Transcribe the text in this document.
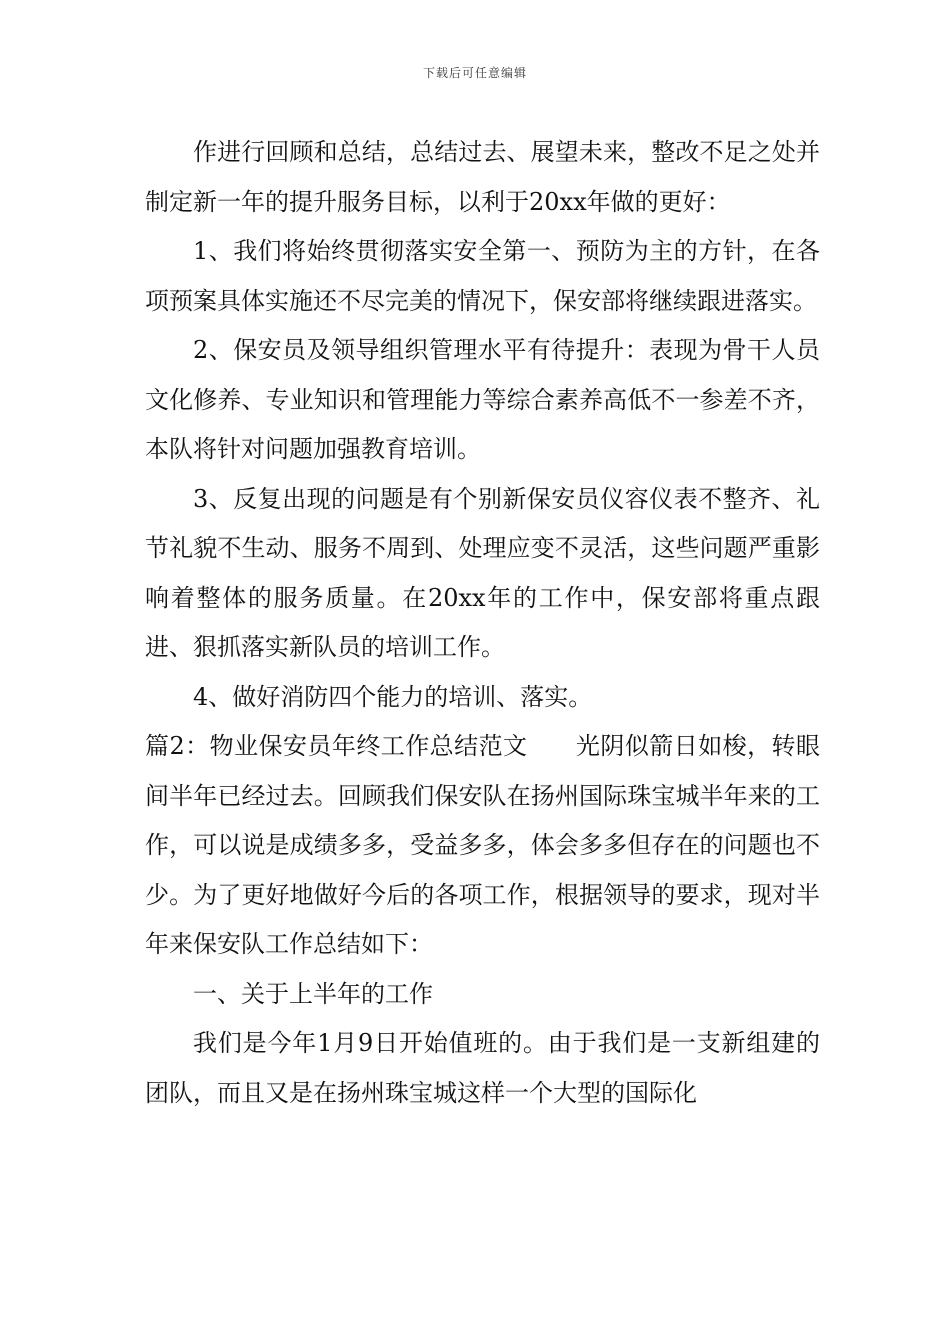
下载后可任意编辑

作进行回顾和总结，总结过去、展望未来，整改不足之处并制定新一年的提升服务目标，以利于20xx年做的更好：

1、我们将始终贯彻落实安全第一、预防为主的方针，在各项预案具体实施还不尽完美的情况下，保安部将继续跟进落实。

2、保安员及领导组织管理水平有待提升：表现为骨干人员文化修养、专业知识和管理能力等综合素养高低不一参差不齐，本队将针对问题加强教育培训。

3、反复出现的问题是有个别新保安员仪容仪表不整齐、礼节礼貌不生动、服务不周到、处理应变不灵活，这些问题严重影响着整体的服务质量。在20xx年的工作中，保安部将重点跟进、狠抓落实新队员的培训工作。

4、做好消防四个能力的培训、落实。

篇2：物业保安员年终工作总结范文 光阴似箭日如梭，转眼间半年已经过去。回顾我们保安队在扬州国际珠宝城半年来的工作，可以说是成绩多多，受益多多，体会多多但存在的问题也不少。为了更好地做好今后的各项工作，根据领导的要求，现对半年来保安队工作总结如下：

一、关于上半年的工作

我们是今年1月9日开始值班的。由于我们是一支新组建的团队，而且又是在扬州珠宝城这样一个大型的国际化
